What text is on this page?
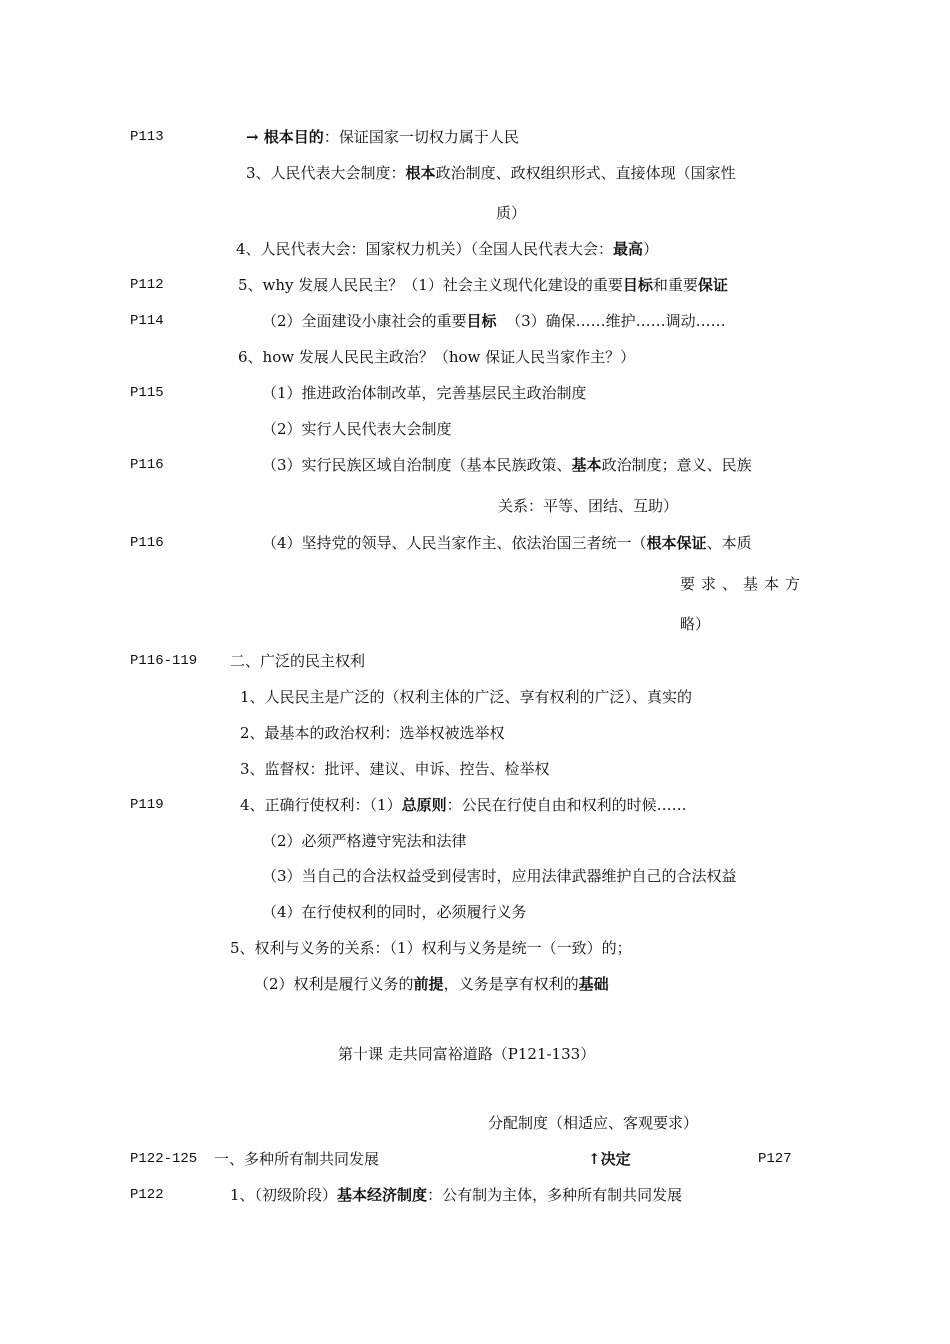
P113	→ 根本目的：保证国家一切权力属于人民
3、人民代表大会制度：根本政治制度、政权组织形式、直接体现（国家性
质）
4、人民代表大会：国家权力机关）（全国人民代表大会：最高）
P112	5、why 发展人民民主？（1）社会主义现代化建设的重要目标和重要保证
P114	（2）全面建设小康社会的重要目标 （3）确保……维护……调动……
6、how 发展人民民主政治？（how 保证人民当家作主？）
P115	（1）推进政治体制改革，完善基层民主政治制度
（2）实行人民代表大会制度
P116	（3）实行民族区域自治制度（基本民族政策、基本政治制度；意义、民族
关系：平等、团结、互助）
P116	（4）坚持党的领导、人民当家作主、依法治国三者统一（根本保证、本质
要求、基本方
略）
P116-119 二、广泛的民主权利
1、人民民主是广泛的（权利主体的广泛、享有权利的广泛）、真实的
2、最基本的政治权利：选举权被选举权
3、监督权：批评、建议、申诉、控告、检举权
P119	4、正确行使权利：（1）总原则：公民在行使自由和权利的时候……
（2）必须严格遵守宪法和法律
（3）当自己的合法权益受到侵害时，应用法律武器维护自己的合法权益
（4）在行使权利的同时，必须履行义务
5、权利与义务的关系：（1）权利与义务是统一（一致）的；
（2）权利是履行义务的前提，义务是享有权利的基础
第十课 走共同富裕道路（P121-133）
分配制度（相适应、客观要求）
P122-125 一、多种所有制共同发展	↑决定	P127
P122	1、（初级阶段）基本经济制度：公有制为主体，多种所有制共同发展
